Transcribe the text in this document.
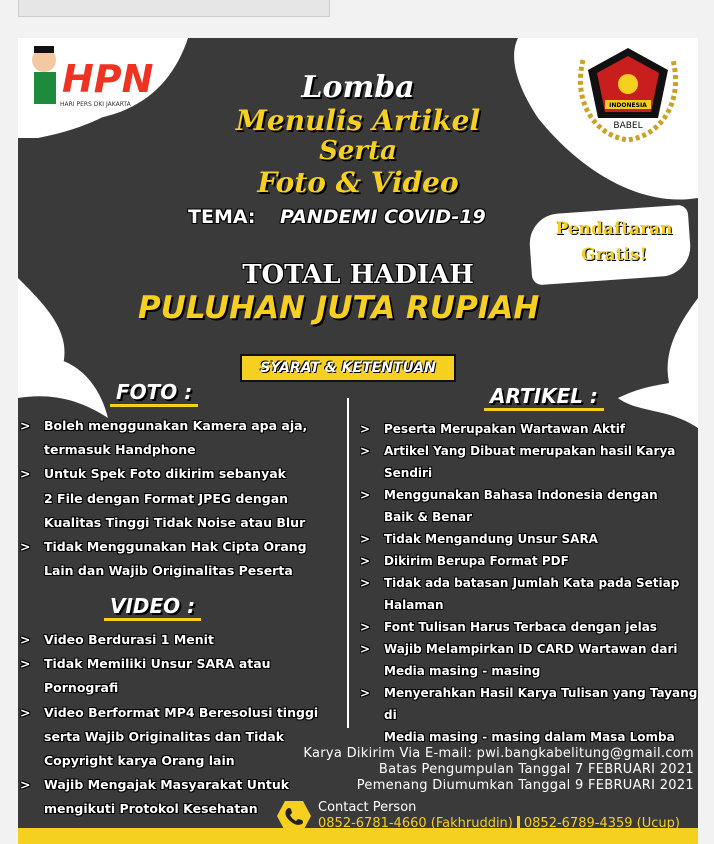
HPN
HARI PERS DKI JAKARTA	INDONESIA
BABEL
Lomba
Menulis Artikel
Serta
Foto & Video
TEMA: PANDEMI COVID-19
Pendaftaran
Gratis!
TOTAL HADIAH
PULUHAN JUTA RUPIAH
SYARAT & KETENTUAN
FOTO :
> Boleh menggunakan Kamera apa aja,
termasuk Handphone
> Untuk Spek Foto dikirim sebanyak
2 File dengan Format JPEG dengan
Kualitas Tinggi Tidak Noise atau Blur
> Tidak Menggunakan Hak Cipta Orang
Lain dan Wajib Originalitas Peserta
VIDEO :
> Video Berdurasi 1 Menit
> Tidak Memiliki Unsur SARA atau
Pornografi
> Video Berformat MP4 Beresolusi tinggi
serta Wajib Originalitas dan Tidak
Copyright karya Orang lain
> Wajib Mengajak Masyarakat Untuk
mengikuti Protokol Kesehatan
ARTIKEL :
> Peserta Merupakan Wartawan Aktif
> Artikel Yang Dibuat merupakan hasil Karya
Sendiri
> Menggunakan Bahasa Indonesia dengan
Baik & Benar
> Tidak Mengandung Unsur SARA
> Dikirim Berupa Format PDF
> Tidak ada batasan Jumlah Kata pada Setiap
Halaman
> Font Tulisan Harus Terbaca dengan jelas
> Wajib Melampirkan ID CARD Wartawan dari
Media masing - masing
> Menyerahkan Hasil Karya Tulisan yang Tayang di
Media masing - masing dalam Masa Lomba
Karya Dikirim Via E-mail: pwi.bangkabelitung@gmail.com
Batas Pengumpulan Tanggal 7 FEBRUARI 2021
Pemenang Diumumkan Tanggal 9 FEBRUARI 2021
Contact Person
0852-6781-4660 (Fakhruddin) 0852-6789-4359 (Ucup)
